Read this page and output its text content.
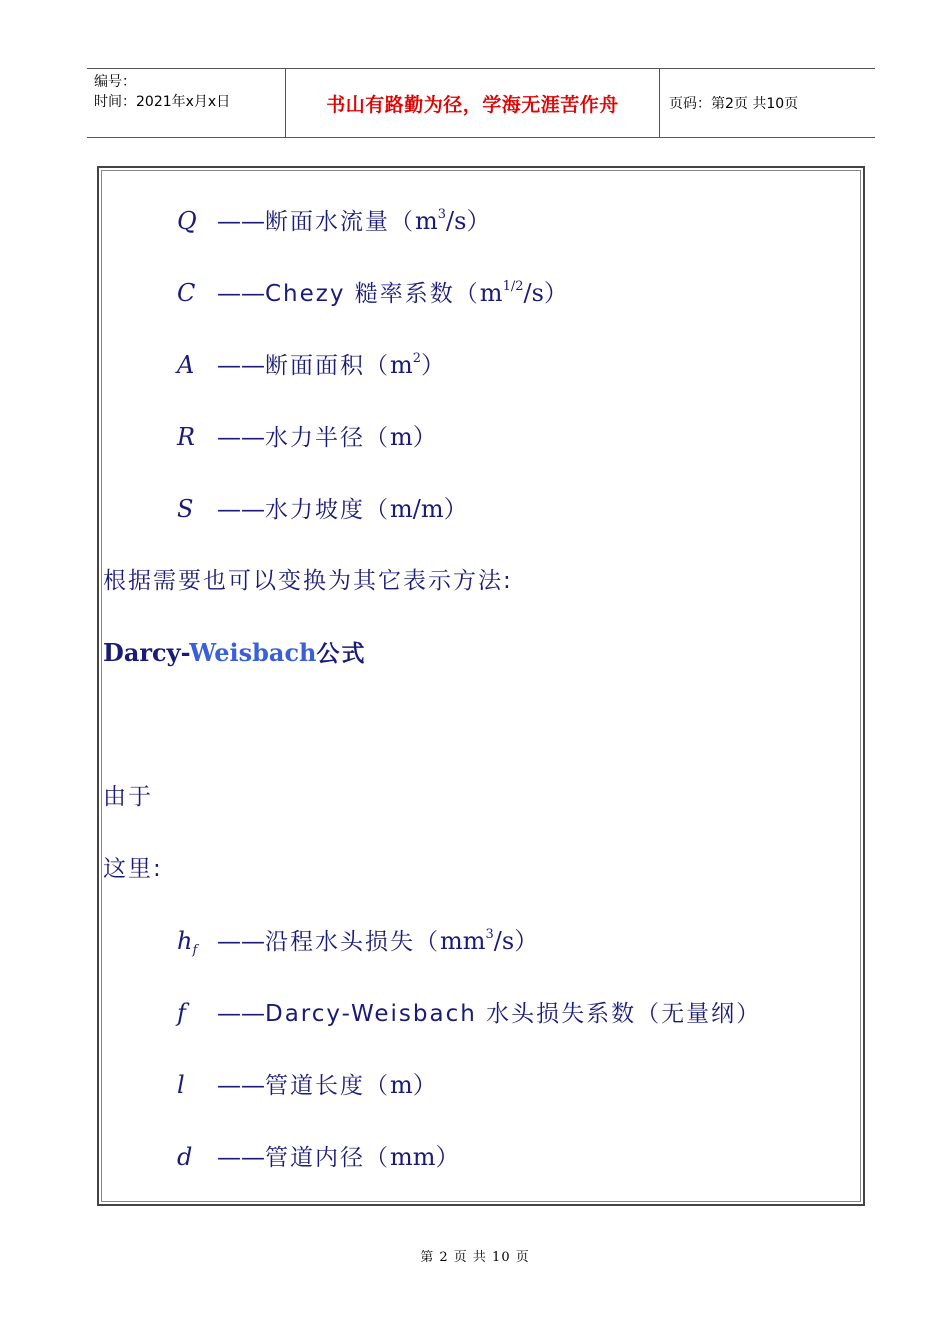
编号：
时间：2021年x月x日	书山有路勤为径，学海无涯苦作舟	页码：第2页 共10页
Q ——断面水流量$(m^3/s)$
C ——Chezy 糙率系数$(m^{1/2}/s)$
A ——断面面积$(m^2)$
R ——水力半径（m）
S ——水力坡度（m/m）
根据需要也可以变换为其它表示方法:
Darcy-Weisbach公式
由于
这里:
$h_f$ ——沿程水头损失$(mm^3/s)$
f ——Darcy-Weisbach 水头损失系数（无量纲）
l ——管道长度（m）
d ——管道内径（mm）
第 2 页 共 10 页
